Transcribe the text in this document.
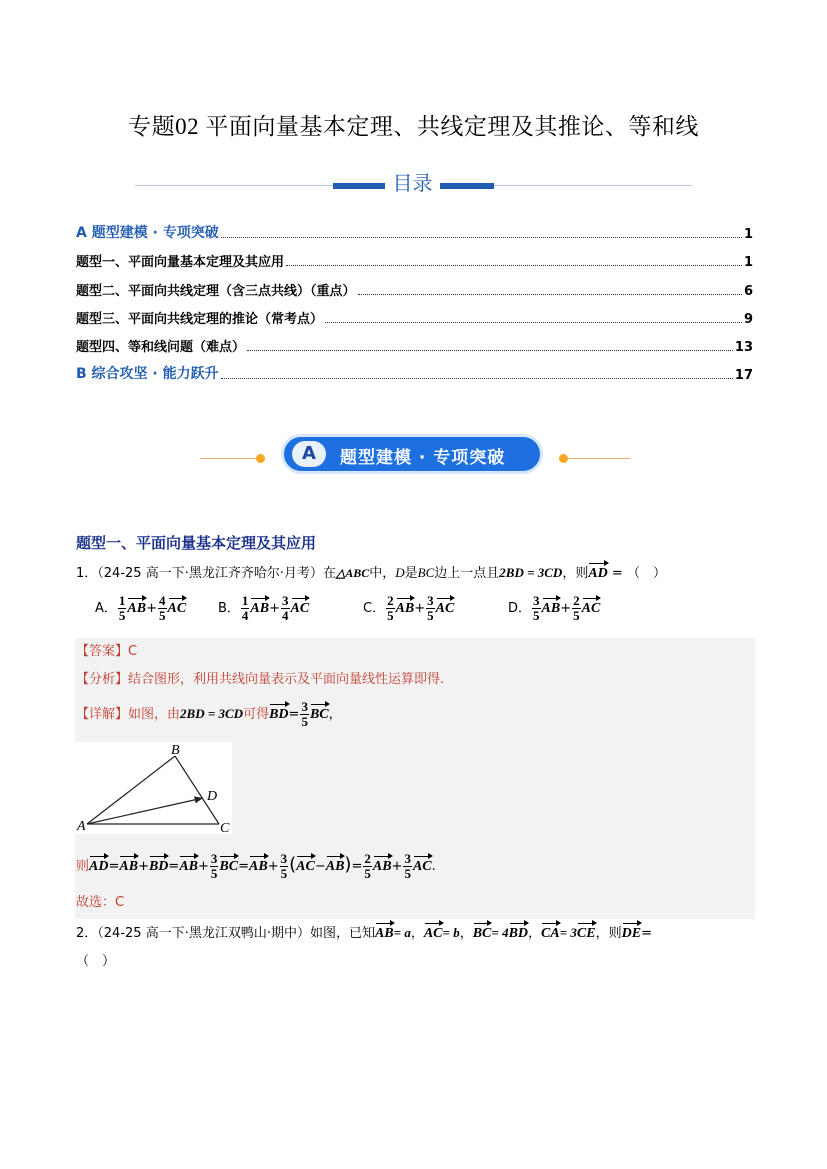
专题02 平面向量基本定理、共线定理及其推论、等和线
目录
A 题型建模 · 专项突破	1
题型一、平面向量基本定理及其应用	1
题型二、平面向共线定理（含三点共线）（重点）	6
题型三、平面向共线定理的推论（常考点）	9
题型四、等和线问题（难点）	13
B 综合攻坚 · 能力跃升	17
A	题型建模 · 专项突破
题型一、平面向量基本定理及其应用
1．（24-25 高一下·黑龙江齐齐哈尔·月考）在△ABC中，D是BC边上一点且2BD = 3CD，则AD = （　）
A． $\frac{1}{5} AB+ \frac{4}{5}$ AC B． $\frac{1}{4} AB+ \frac{3}{4}$ AC	C． $\frac{2}{5} AB+ \frac{3}{5}$ AC	D． $\frac{3}{5} AB+ \frac{2}{5}$ AC
【答案】C
【分析】结合图形，利用共线向量表示及平面向量线性运算即得.
【详解】如图，由2BD = 3CD可得$BD= \frac{3}{5}$ BC，
A
B
C
D
则$AD=AB+BD=AB+ \frac{3}{5} BC=AB+ \frac{3}{5} (AC-AB)= \frac{2}{5} AB+ \frac{3}{5}$ AC.
故选：C
2．（24-25 高一下·黑龙江双鸭山·期中）如图，已知AB= a，AC= b，BC= 4BD，CA= 3CE，则DE=
（　）
